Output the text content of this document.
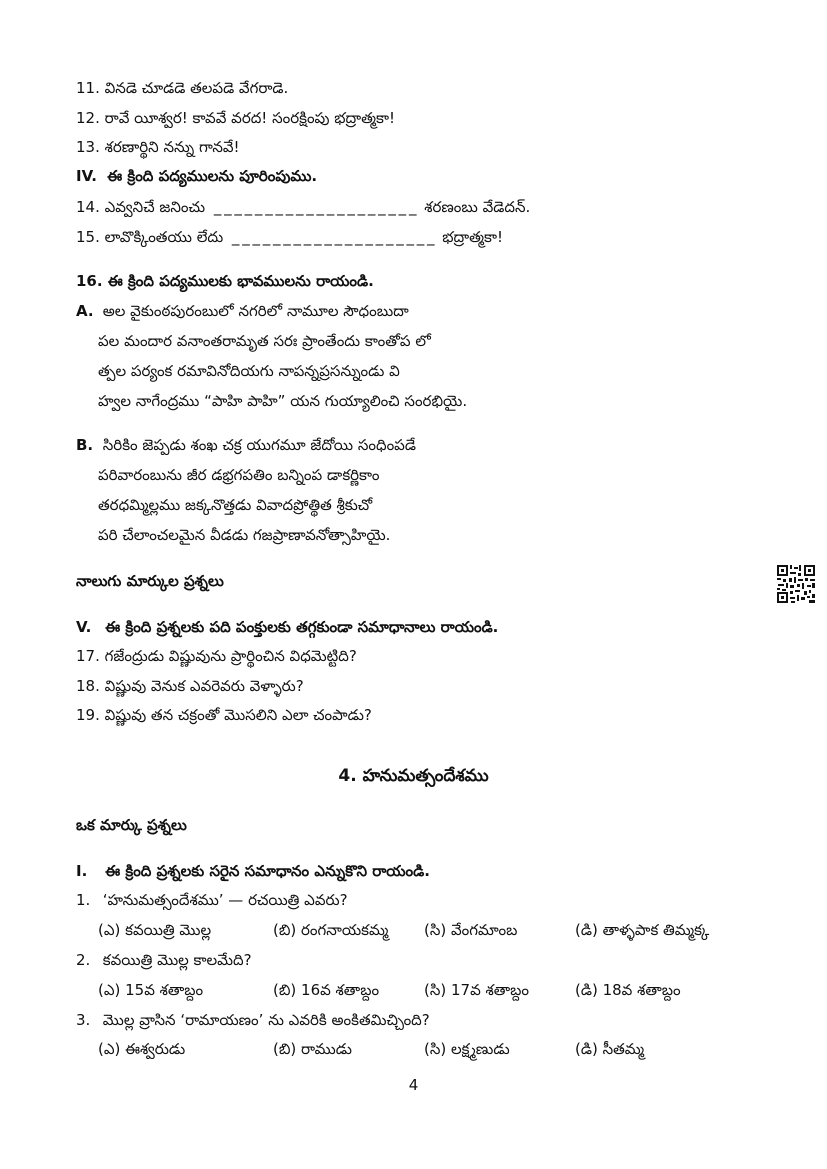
11. వినడె చూడడె తలపడె వేగరాడె.
12. రావే యీశ్వర! కావవే వరద! సంరక్షింపు భద్రాత్మకా!
13. శరణార్థిని నన్ను గానవే!
IV. ఈ క్రింది పద్యములను పూరింపుము.
14. ఎవ్వనిచే జనించు _ _ _ _ _ _ _ _ _ _ _ _ _ _ _ _ _ _ _ _ శరణంబు వేడెదన్.
15. లావొక్కింతయు లేదు _ _ _ _ _ _ _ _ _ _ _ _ _ _ _ _ _ _ _ _ భద్రాత్మకా!
16. ఈ క్రింది పద్యములకు భావములను రాయండి.
A. అల వైకుంఠపురంబులో నగరిలో నామూల సౌధంబుదా
పల మందార వనాంతరామృత సరః ప్రాంతేందు కాంతోప లో
త్పల పర్యంక రమావినోదియగు నాపన్నప్రసన్నుండు వి
హ్వల నాగేంద్రము “పాహి పాహి” యన గుయ్యాలించి సంరభియై.
B. సిరికిం జెప్పడు శంఖ చక్ర యుగమూ జేదోయి సంధింపడే
పరివారంబును జీర డభ్రగపతిం బన్నింప డాకర్ణికాం
తరధమ్మిల్లము జక్కనొత్తడు వివాదప్రోత్థిత శ్రీకుచో
పరి చేలాంచలమైన వీడడు గజప్రాణావనోత్సాహియై.
నాలుగు మార్కుల ప్రశ్నలు
V. ఈ క్రింది ప్రశ్నలకు పది పంక్తులకు తగ్గకుండా సమాధానాలు రాయండి.
17. గజేంద్రుడు విష్ణువును ప్రార్థించిన విధమెట్టిది?
18. విష్ణువు వెనుక ఎవరెవరు వెళ్ళారు?
19. విష్ణువు తన చక్రంతో మొసలిని ఎలా చంపాడు?
4. హనుమత్సందేశము
ఒక మార్కు ప్రశ్నలు
I. ఈ క్రింది ప్రశ్నలకు సరైన సమాధానం ఎన్నుకొని రాయండి.
1. ‘హనుమత్సందేశము’ — రచయిత్రి ఎవరు?
(ఎ) కవయిత్రి మొల్ల	(బి) రంగనాయకమ్మ (సి) వేంగమాంబ	(డి) తాళ్ళపాక తిమ్మక్క
2. కవయిత్రి మొల్ల కాలమేది?
(ఎ) 15వ శతాబ్దం	(బి) 16వ శతాబ్దం	(సి) 17వ శతాబ్దం	(డి) 18వ శతాబ్దం
3. మొల్ల వ్రాసిన ‘రామాయణం’ ను ఎవరికి అంకితమిచ్చింది?
(ఎ) ఈశ్వరుడు	(బి) రాముడు	(సి) లక్ష్మణుడు	(డి) సీతమ్మ
4
